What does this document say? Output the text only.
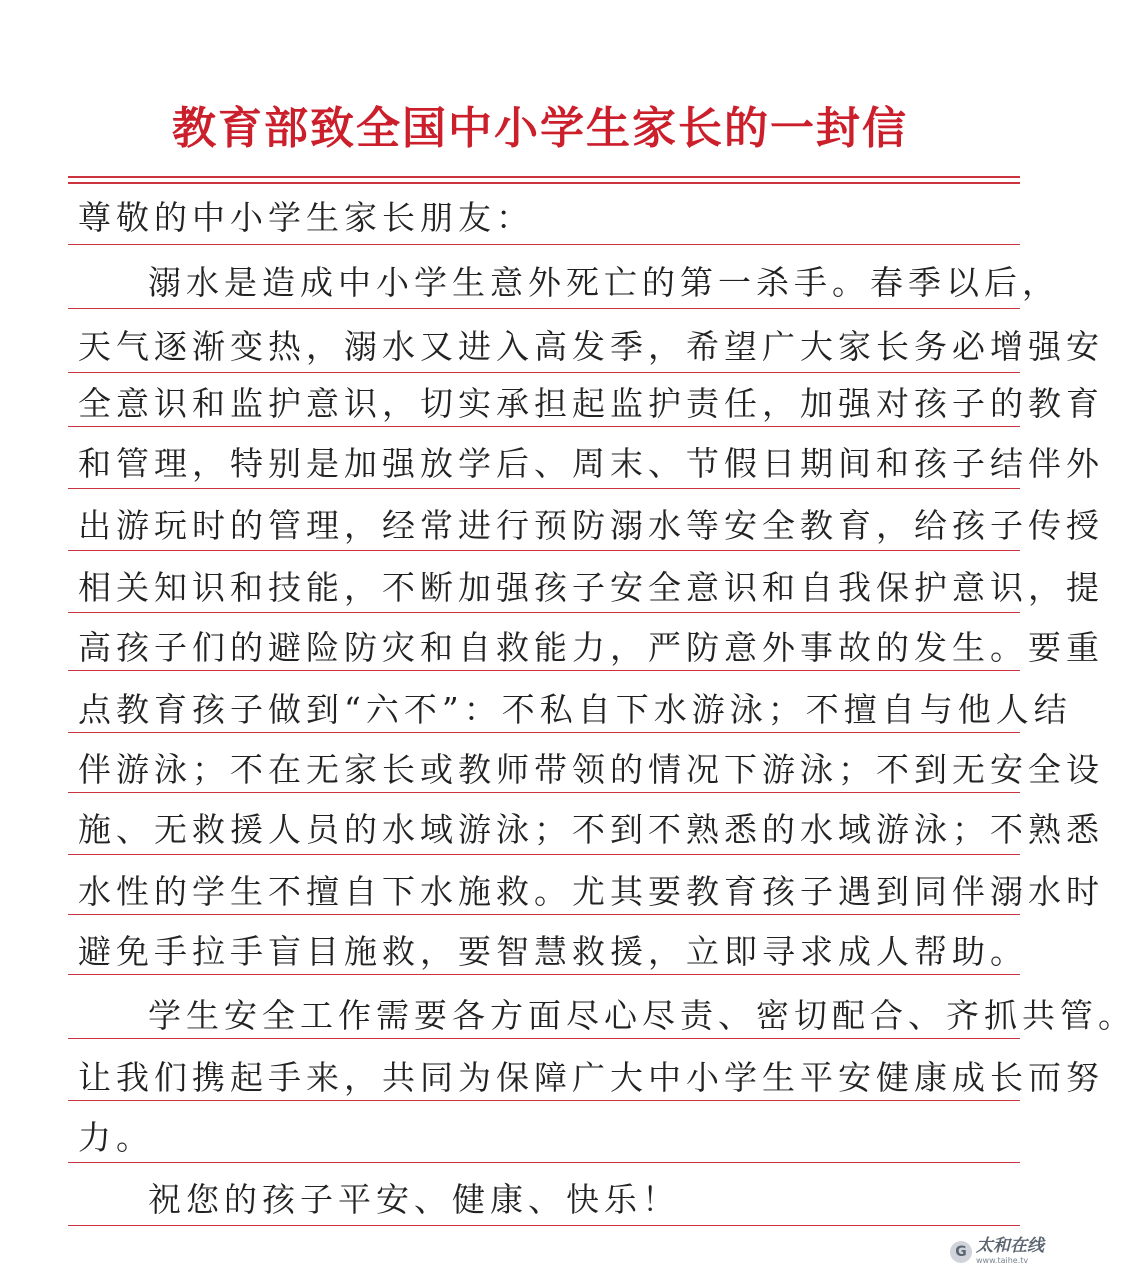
教育部致全国中小学生家长的一封信
尊敬的中小学生家长朋友：
溺水是造成中小学生意外死亡的第一杀手。春季以后，
天气逐渐变热，溺水又进入高发季，希望广大家长务必增强安
全意识和监护意识，切实承担起监护责任，加强对孩子的教育
和管理，特别是加强放学后、周末、节假日期间和孩子结伴外
出游玩时的管理，经常进行预防溺水等安全教育，给孩子传授
相关知识和技能，不断加强孩子安全意识和自我保护意识，提
高孩子们的避险防灾和自救能力，严防意外事故的发生。要重
点教育孩子做到“六不”：不私自下水游泳；不擅自与他人结
伴游泳；不在无家长或教师带领的情况下游泳；不到无安全设
施、无救援人员的水域游泳；不到不熟悉的水域游泳；不熟悉
水性的学生不擅自下水施救。尤其要教育孩子遇到同伴溺水时
避免手拉手盲目施救，要智慧救援，立即寻求成人帮助。
学生安全工作需要各方面尽心尽责、密切配合、齐抓共管。
让我们携起手来，共同为保障广大中小学生平安健康成长而努
力。
祝您的孩子平安、健康、快乐！
G 太和在线
www.taihe.tv
